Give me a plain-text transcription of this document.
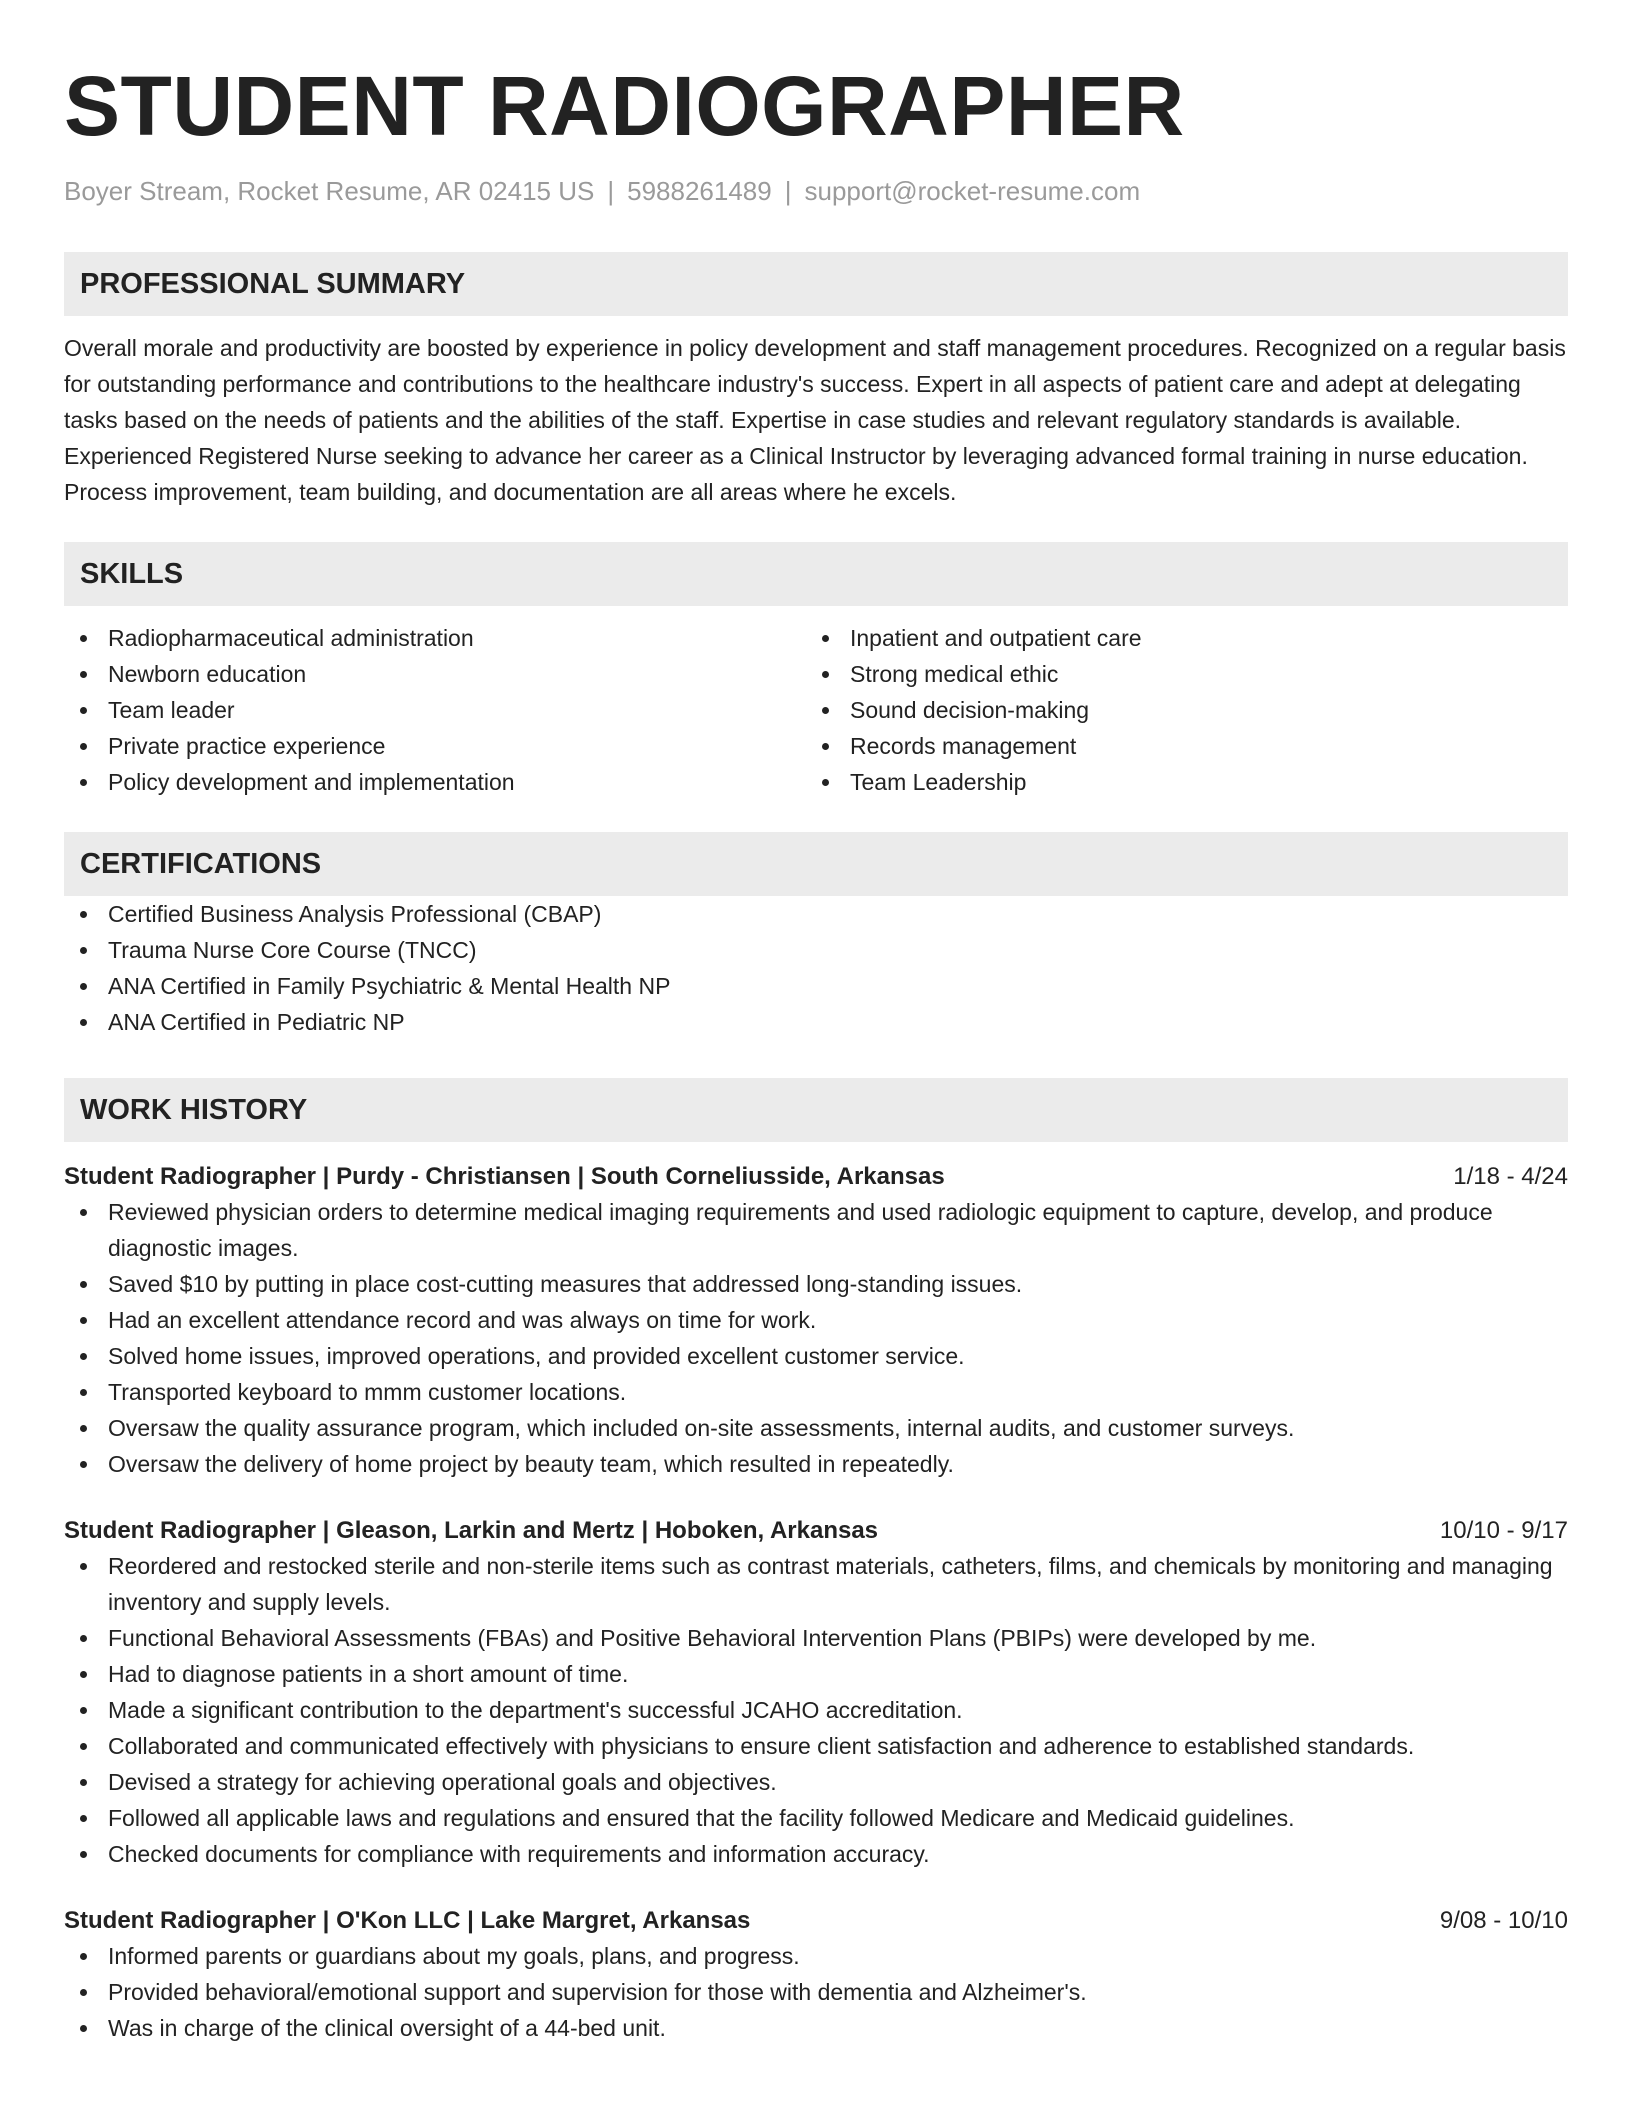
STUDENT RADIOGRAPHER
Boyer Stream, Rocket Resume, AR 02415 US | 5988261489 | support@rocket-resume.com
PROFESSIONAL SUMMARY
Overall morale and productivity are boosted by experience in policy development and staff management procedures. Recognized on a regular basis for outstanding performance and contributions to the healthcare industry's success. Expert in all aspects of patient care and adept at delegating tasks based on the needs of patients and the abilities of the staff. Expertise in case studies and relevant regulatory standards is available. Experienced Registered Nurse seeking to advance her career as a Clinical Instructor by leveraging advanced formal training in nurse education. Process improvement, team building, and documentation are all areas where he excels.
SKILLS
Radiopharmaceutical administration
Newborn education
Team leader
Private practice experience
Policy development and implementation
Inpatient and outpatient care
Strong medical ethic
Sound decision-making
Records management
Team Leadership
CERTIFICATIONS
Certified Business Analysis Professional (CBAP)
Trauma Nurse Core Course (TNCC)
ANA Certified in Family Psychiatric & Mental Health NP
ANA Certified in Pediatric NP
WORK HISTORY
Student Radiographer | Purdy - Christiansen | South Corneliusside, Arkansas	1/18 - 4/24
Reviewed physician orders to determine medical imaging requirements and used radiologic equipment to capture, develop, and produce diagnostic images.
Saved $10 by putting in place cost-cutting measures that addressed long-standing issues.
Had an excellent attendance record and was always on time for work.
Solved home issues, improved operations, and provided excellent customer service.
Transported keyboard to mmm customer locations.
Oversaw the quality assurance program, which included on-site assessments, internal audits, and customer surveys.
Oversaw the delivery of home project by beauty team, which resulted in repeatedly.
Student Radiographer | Gleason, Larkin and Mertz | Hoboken, Arkansas	10/10 - 9/17
Reordered and restocked sterile and non-sterile items such as contrast materials, catheters, films, and chemicals by monitoring and managing inventory and supply levels.
Functional Behavioral Assessments (FBAs) and Positive Behavioral Intervention Plans (PBIPs) were developed by me.
Had to diagnose patients in a short amount of time.
Made a significant contribution to the department's successful JCAHO accreditation.
Collaborated and communicated effectively with physicians to ensure client satisfaction and adherence to established standards.
Devised a strategy for achieving operational goals and objectives.
Followed all applicable laws and regulations and ensured that the facility followed Medicare and Medicaid guidelines.
Checked documents for compliance with requirements and information accuracy.
Student Radiographer | O'Kon LLC | Lake Margret, Arkansas	9/08 - 10/10
Informed parents or guardians about my goals, plans, and progress.
Provided behavioral/emotional support and supervision for those with dementia and Alzheimer's.
Was in charge of the clinical oversight of a 44-bed unit.
